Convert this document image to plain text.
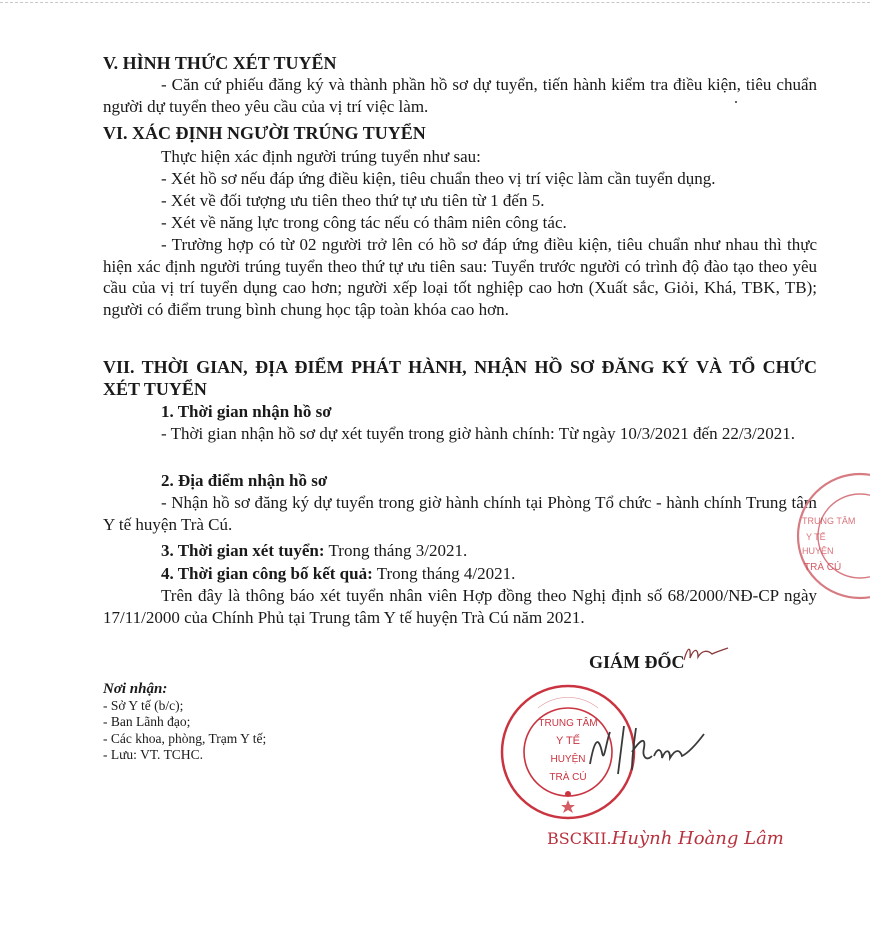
V. HÌNH THỨC XÉT TUYỂN

- Căn cứ phiếu đăng ký và thành phần hồ sơ dự tuyển, tiến hành kiểm tra điều kiện, tiêu chuẩn người dự tuyển theo yêu cầu của vị trí việc làm.

VI. XÁC ĐỊNH NGƯỜI TRÚNG TUYỂN

Thực hiện xác định người trúng tuyển như sau:

- Xét hồ sơ nếu đáp ứng điều kiện, tiêu chuẩn theo vị trí việc làm cần tuyển dụng.

- Xét về đối tượng ưu tiên theo thứ tự ưu tiên từ 1 đến 5.

- Xét về năng lực trong công tác nếu có thâm niên công tác.

- Trường hợp có từ 02 người trở lên có hồ sơ đáp ứng điều kiện, tiêu chuẩn như nhau thì thực hiện xác định người trúng tuyển theo thứ tự ưu tiên sau: Tuyển trước người có trình độ đào tạo theo yêu cầu của vị trí tuyển dụng cao hơn; người xếp loại tốt nghiệp cao hơn (Xuất sắc, Giỏi, Khá, TBK, TB); người có điểm trung bình chung học tập toàn khóa cao hơn.

VII. THỜI GIAN, ĐỊA ĐIỂM PHÁT HÀNH, NHẬN HỒ SƠ ĐĂNG KÝ VÀ TỔ CHỨC XÉT TUYỂN

1. Thời gian nhận hồ sơ

- Thời gian nhận hồ sơ dự xét tuyển trong giờ hành chính: Từ ngày 10/3/2021 đến 22/3/2021.

2. Địa điểm nhận hồ sơ

- Nhận hồ sơ đăng ký dự tuyển trong giờ hành chính tại Phòng Tổ chức - hành chính Trung tâm Y tế huyện Trà Cú.

3. Thời gian xét tuyển: Trong tháng 3/2021.

4. Thời gian công bố kết quả: Trong tháng 4/2021.

Trên đây là thông báo xét tuyển nhân viên Hợp đồng theo Nghị định số 68/2000/NĐ-CP ngày 17/11/2000 của Chính Phủ tại Trung tâm Y tế huyện Trà Cú năm 2021.

Nơi nhận:
- Sở Y tế (b/c);
- Ban Lãnh đạo;
- Các khoa, phòng, Trạm Y tế;
- Lưu: VT. TCHC.
GIÁM ĐỐC
TRUNG TÂM
Y TẾ
HUYỆN
TRÀ CÚ
TRUNG TÂM
Y TẾ
HUYỆN
TRÀ CÚ
BSCKII.Huỳnh Hoàng Lâm
